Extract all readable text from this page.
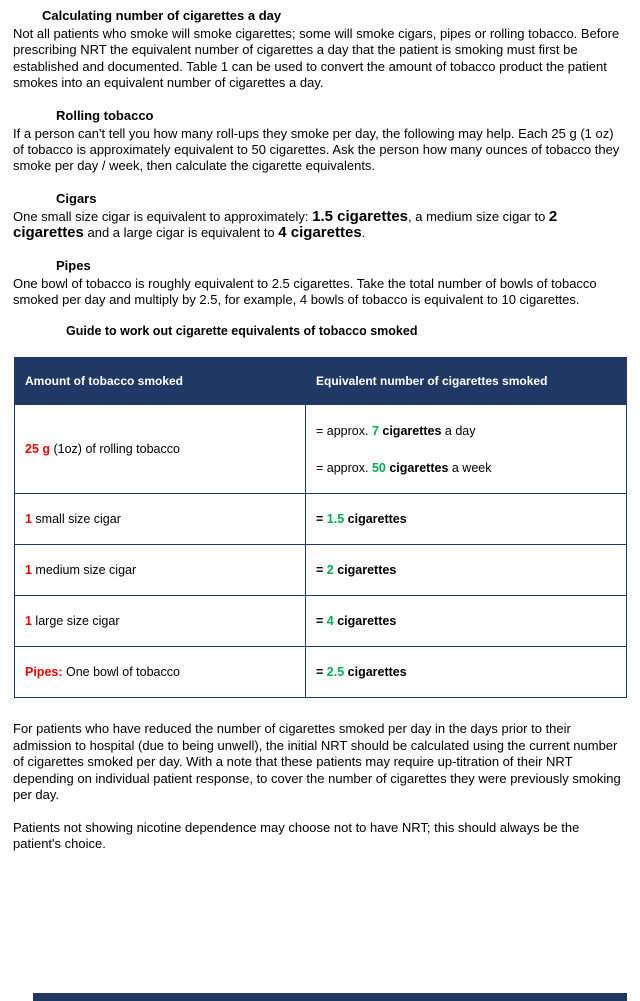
Calculating number of cigarettes a day

Not all patients who smoke will smoke cigarettes; some will smoke cigars, pipes or rolling tobacco. Before prescribing NRT the equivalent number of cigarettes a day that the patient is smoking must first be established and documented. Table 1 can be used to convert the amount of tobacco product the patient smokes into an equivalent number of cigarettes a day.

Rolling tobacco

If a person can't tell you how many roll-ups they smoke per day, the following may help. Each 25 g (1 oz) of tobacco is approximately equivalent to 50 cigarettes. Ask the person how many ounces of tobacco they smoke per day / week, then calculate the cigarette equivalents.

Cigars

One small size cigar is equivalent to approximately: 1.5 cigarettes, a medium size cigar to 2 cigarettes and a large cigar is equivalent to 4 cigarettes.

Pipes

One bowl of tobacco is roughly equivalent to 2.5 cigarettes. Take the total number of bowls of tobacco smoked per day and multiply by 2.5, for example, 4 bowls of tobacco is equivalent to 10 cigarettes.

Guide to work out cigarette equivalents of tobacco smoked

Amount of tobacco smoked	Equivalent number of cigarettes smoked
25 g (1oz) of rolling tobacco	= approx. 7 cigarettes a day
= approx. 50 cigarettes a week

1 small size cigar	= 1.5 cigarettes

1 medium size cigar	= 2 cigarettes

1 large size cigar	= 4 cigarettes

Pipes: One bowl of tobacco	= 2.5 cigarettes

For patients who have reduced the number of cigarettes smoked per day in the days prior to their admission to hospital (due to being unwell), the initial NRT should be calculated using the current number of cigarettes smoked per day. With a note that these patients may require up-titration of their NRT depending on individual patient response, to cover the number of cigarettes they were previously smoking per day.

Patients not showing nicotine dependence may choose not to have NRT; this should always be the patient's choice.
